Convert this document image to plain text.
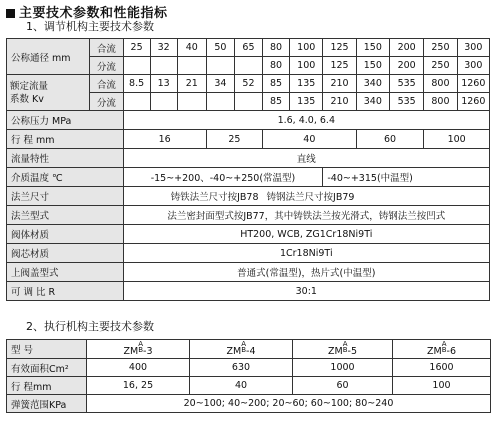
主要技术参数和性能指标
1、调节机构主要技术参数
公称通径 mm	合流	25	32	40	50	65	80	100	125	150	200	250	300
	分流						80	100	125	150	200	250	300
额定流量
系数 Kv	合流	8.5	13	21	34	52	85	135	210	340	535	800	1260
	分流						85	135	210	340	535	800	1260
公称压力 MPa		1.6, 4.0, 6.4											
行 程 mm		16			25		40			60		100	
流量特性		直线											
介质温度 ℃		-15~+200、-40~+250(常温型)							-40~+315(中温型)				
法兰尺寸		铸铁法兰尺寸按JB78					铸钢法兰尺寸按JB79						
法兰型式		法兰密封面型式按JB77，其中铸铁法兰按光滑式，铸钢法兰按凹式											
阀体材质		HT200, WCB, ZG1Cr18Ni9Ti											
阀芯材质		1Cr18Ni9Ti											
上阀盖型式		普通式(常温型)，热片式(中温型)											
可 调 比 R		30:1											
2、执行机构主要技术参数
型 号	$ZM^{A B}-3$	$ZM^{A B}-4$	$ZM^{A B}-5$	$ZM^{A B}-6$
有效面积Cm²	400	630	1000	1600
行 程mm	16, 25	40	60	100
弹簧范围KPa	20~100; 40~200; 20~60; 60~100; 80~240			
